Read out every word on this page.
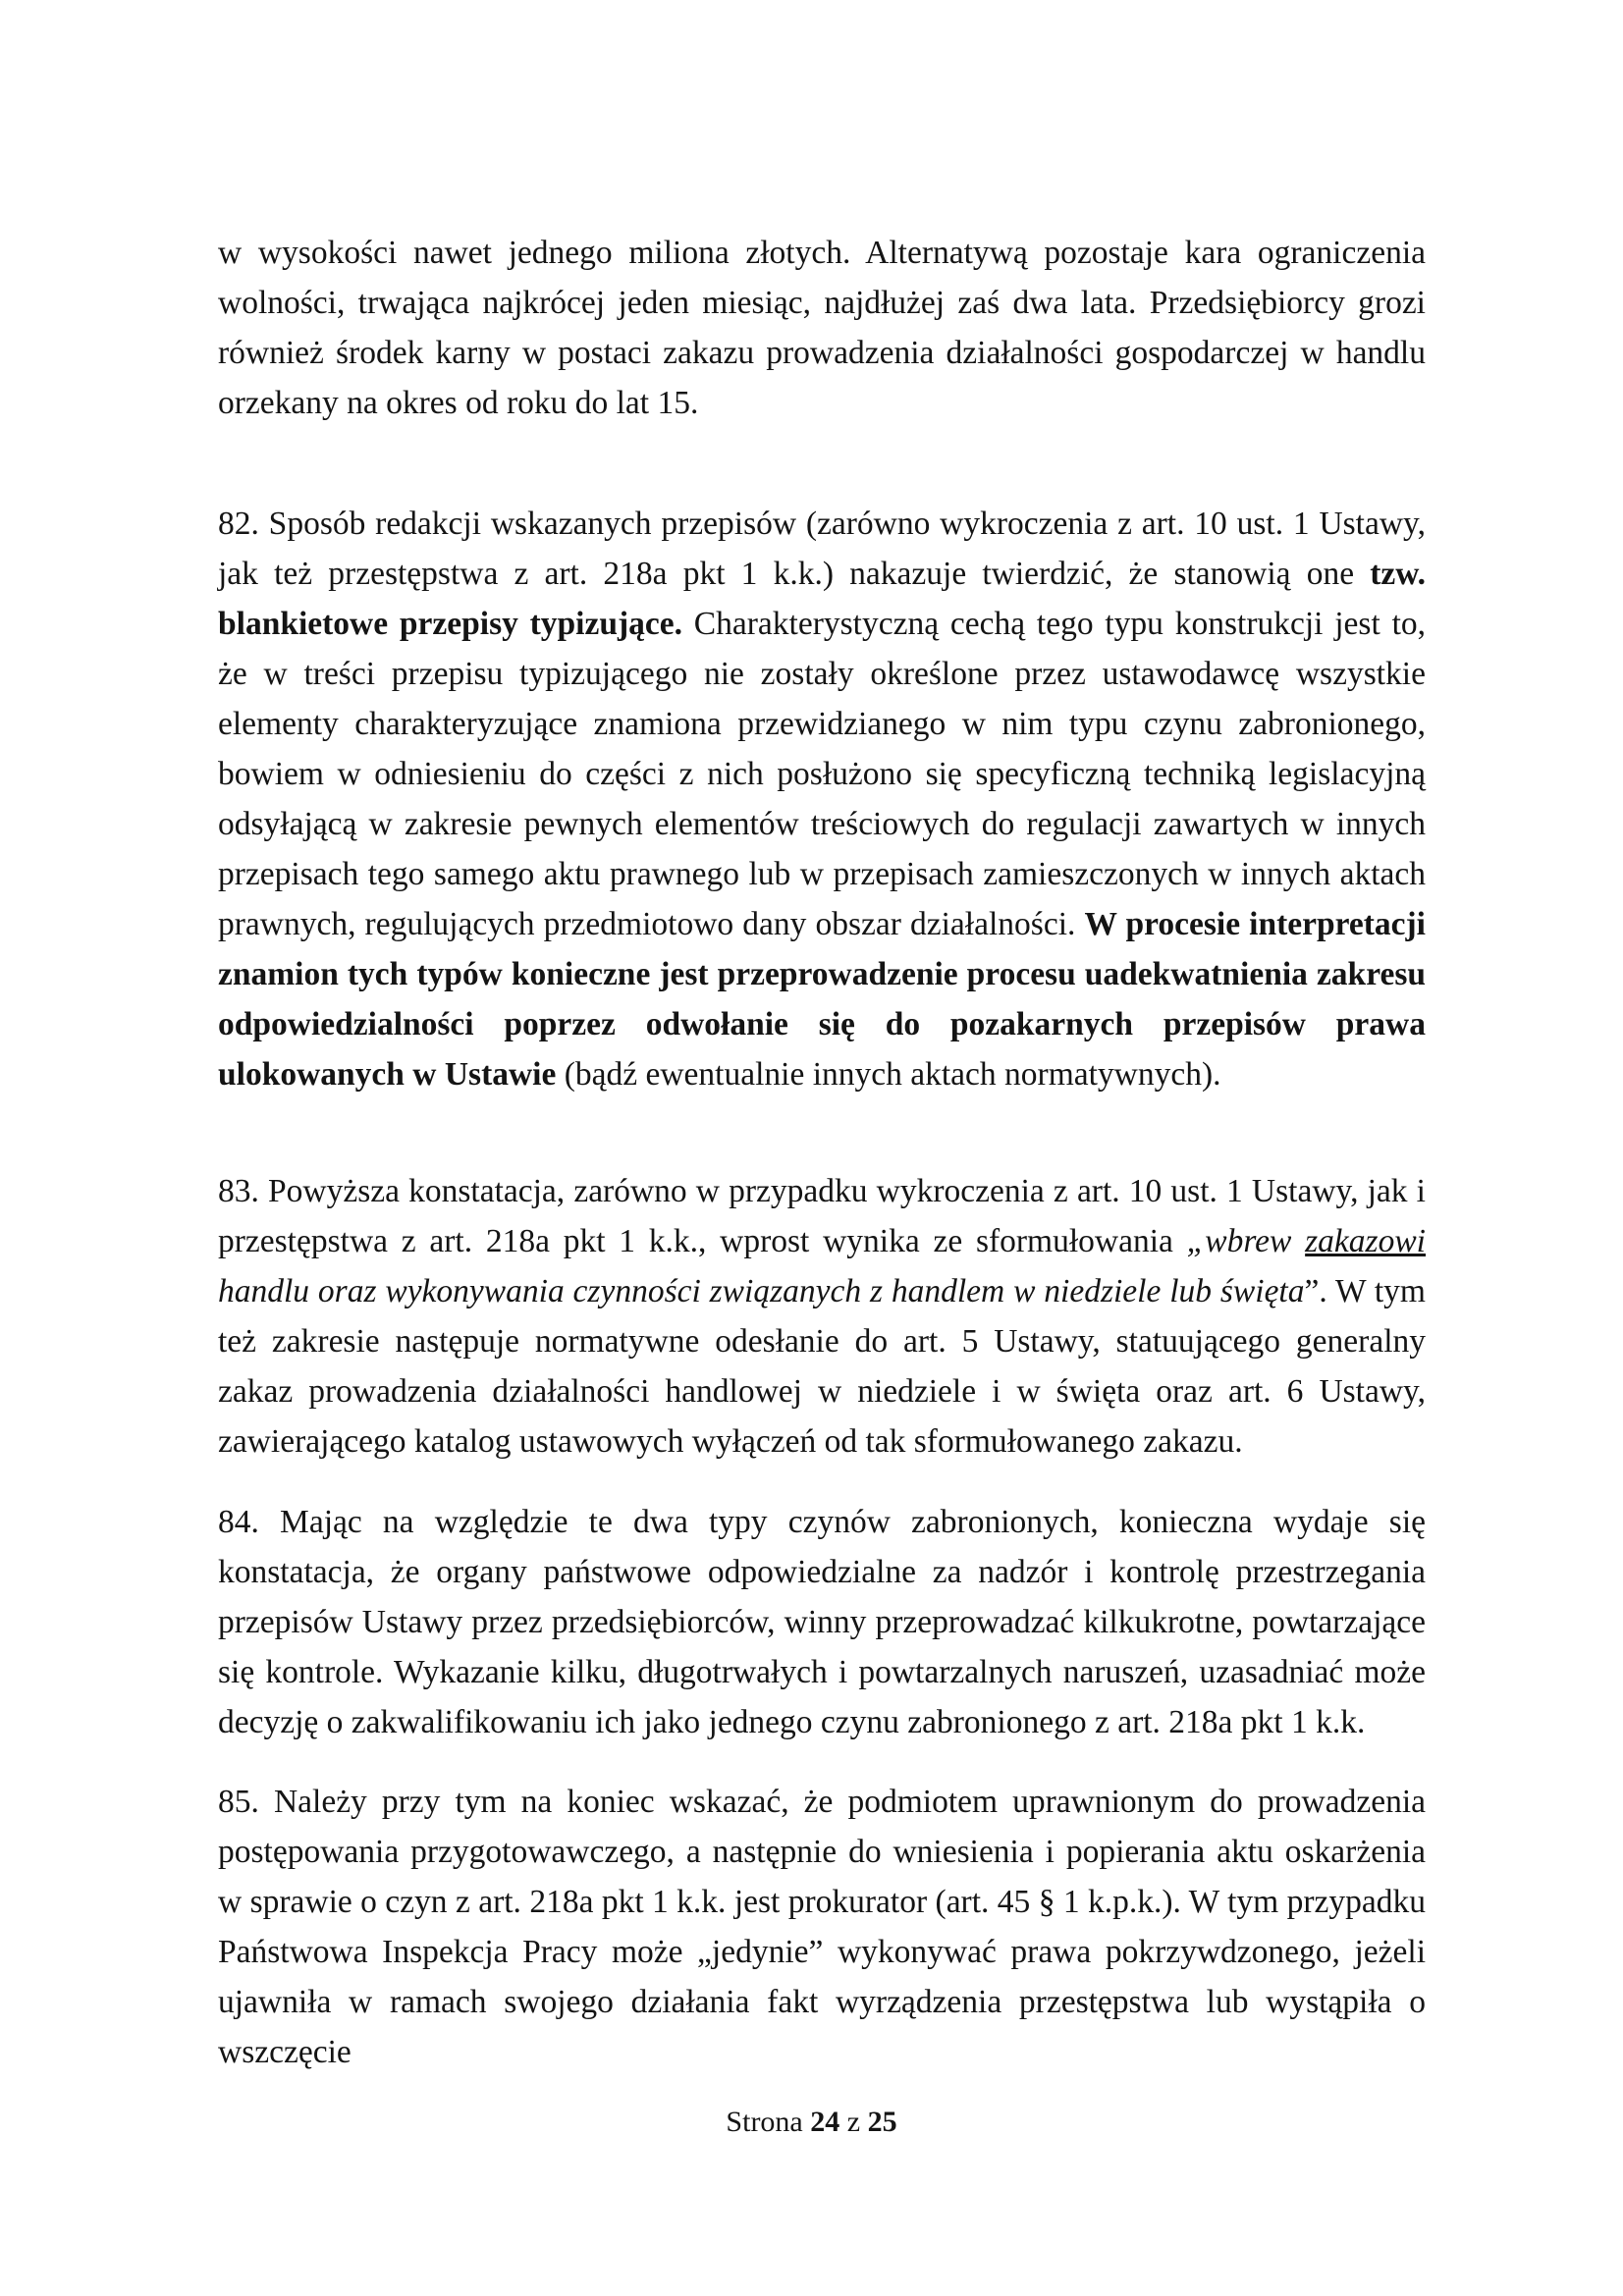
w wysokości nawet jednego miliona złotych. Alternatywą pozostaje kara ograniczenia wolności, trwająca najkrócej jeden miesiąc, najdłużej zaś dwa lata. Przedsiębiorcy grozi również środek karny w postaci zakazu prowadzenia działalności gospodarczej w handlu orzekany na okres od roku do lat 15.

82. Sposób redakcji wskazanych przepisów (zarówno wykroczenia z art. 10 ust. 1 Ustawy, jak też przestępstwa z art. 218a pkt 1 k.k.) nakazuje twierdzić, że stanowią one tzw. blankietowe przepisy typizujące. Charakterystyczną cechą tego typu konstrukcji jest to, że w treści przepisu typizującego nie zostały określone przez ustawodawcę wszystkie elementy charakteryzujące znamiona przewidzianego w nim typu czynu zabronionego, bowiem w odniesieniu do części z nich posłużono się specyficzną techniką legislacyjną odsyłającą w zakresie pewnych elementów treściowych do regulacji zawartych w innych przepisach tego samego aktu prawnego lub w przepisach zamieszczonych w innych aktach prawnych, regulujących przedmiotowo dany obszar działalności. W procesie interpretacji znamion tych typów konieczne jest przeprowadzenie procesu uadekwatnienia zakresu odpowiedzialności poprzez odwołanie się do pozakarnych przepisów prawa ulokowanych w Ustawie (bądź ewentualnie innych aktach normatywnych).

83. Powyższa konstatacja, zarówno w przypadku wykroczenia z art. 10 ust. 1 Ustawy, jak i przestępstwa z art. 218a pkt 1 k.k., wprost wynika ze sformułowania „wbrew zakazowi handlu oraz wykonywania czynności związanych z handlem w niedziele lub święta”. W tym też zakresie następuje normatywne odesłanie do art. 5 Ustawy, statuującego generalny zakaz prowadzenia działalności handlowej w niedziele i w święta oraz art. 6 Ustawy, zawierającego katalog ustawowych wyłączeń od tak sformułowanego zakazu.

84. Mając na względzie te dwa typy czynów zabronionych, konieczna wydaje się konstatacja, że organy państwowe odpowiedzialne za nadzór i kontrolę przestrzegania przepisów Ustawy przez przedsiębiorców, winny przeprowadzać kilkukrotne, powtarzające się kontrole. Wykazanie kilku, długotrwałych i powtarzalnych naruszeń, uzasadniać może decyzję o zakwalifikowaniu ich jako jednego czynu zabronionego z art. 218a pkt 1 k.k.

85. Należy przy tym na koniec wskazać, że podmiotem uprawnionym do prowadzenia postępowania przygotowawczego, a następnie do wniesienia i popierania aktu oskarżenia w sprawie o czyn z art. 218a pkt 1 k.k. jest prokurator (art. 45 § 1 k.p.k.). W tym przypadku Państwowa Inspekcja Pracy może „jedynie” wykonywać prawa pokrzywdzonego, jeżeli ujawniła w ramach swojego działania fakt wyrządzenia przestępstwa lub wystąpiła o wszczęcie

Strona 24 z 25
